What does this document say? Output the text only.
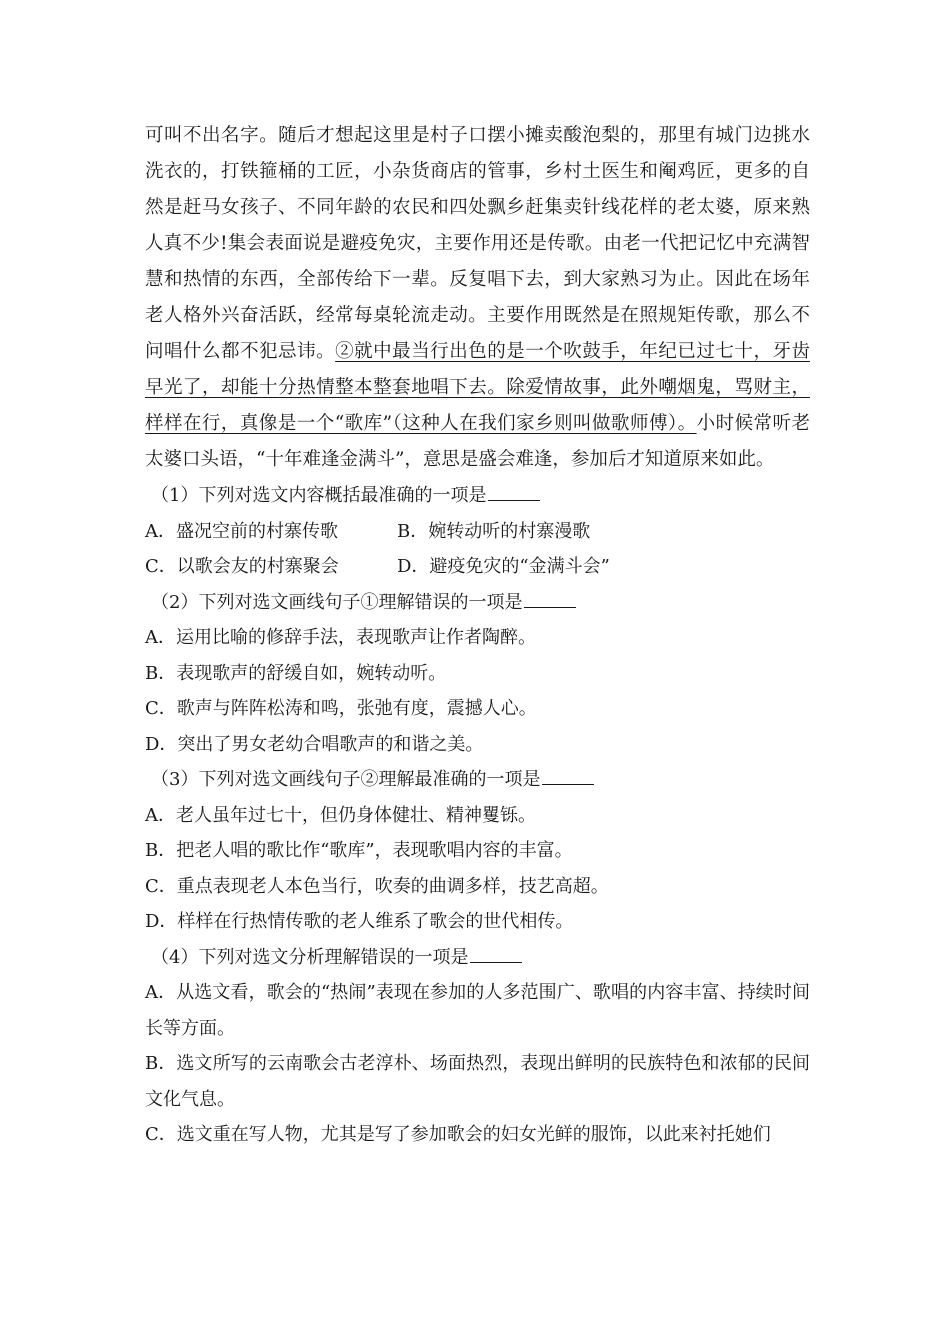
可叫不出名字。随后才想起这里是村子口摆小摊卖酸泡梨的，那里有城门边挑水洗衣的，打铁箍桶的工匠，小杂货商店的管事，乡村土医生和阉鸡匠，更多的自然是赶马女孩子、不同年龄的农民和四处飘乡赶集卖针线花样的老太婆，原来熟人真不少!集会表面说是避疫免灾，主要作用还是传歌。由老一代把记忆中充满智慧和热情的东西，全部传给下一辈。反复唱下去，到大家熟习为止。因此在场年老人格外兴奋活跃，经常每桌轮流走动。主要作用既然是在照规矩传歌，那么不问唱什么都不犯忌讳。②就中最当行出色的是一个吹鼓手，年纪已过七十，牙齿早光了，却能十分热情整本整套地唱下去。除爱情故事，此外嘲烟鬼，骂财主，样样在行，真像是一个“歌库”（这种人在我们家乡则叫做歌师傅）。小时候常听老太婆口头语，“十年难逢金满斗”，意思是盛会难逢，参加后才知道原来如此。
（1）下列对选文内容概括最准确的一项是
A．盛况空前的村寨传歌	B．婉转动听的村寨漫歌
C．以歌会友的村寨聚会	D．避疫免灾的“金满斗会”
（2）下列对选文画线句子①理解错误的一项是
A．运用比喻的修辞手法，表现歌声让作者陶醉。
B．表现歌声的舒缓自如，婉转动听。
C．歌声与阵阵松涛和鸣，张弛有度，震撼人心。
D．突出了男女老幼合唱歌声的和谐之美。
（3）下列对选文画线句子②理解最准确的一项是
A．老人虽年过七十，但仍身体健壮、精神矍铄。
B．把老人唱的歌比作“歌库”，表现歌唱内容的丰富。
C．重点表现老人本色当行，吹奏的曲调多样，技艺高超。
D．样样在行热情传歌的老人维系了歌会的世代相传。
（4）下列对选文分析理解错误的一项是
A．从选文看，歌会的“热闹”表现在参加的人多范围广、歌唱的内容丰富、持续时间长等方面。
B．选文所写的云南歌会古老淳朴、场面热烈，表现出鲜明的民族特色和浓郁的民间文化气息。
C．选文重在写人物，尤其是写了参加歌会的妇女光鲜的服饰，以此来衬托她们
